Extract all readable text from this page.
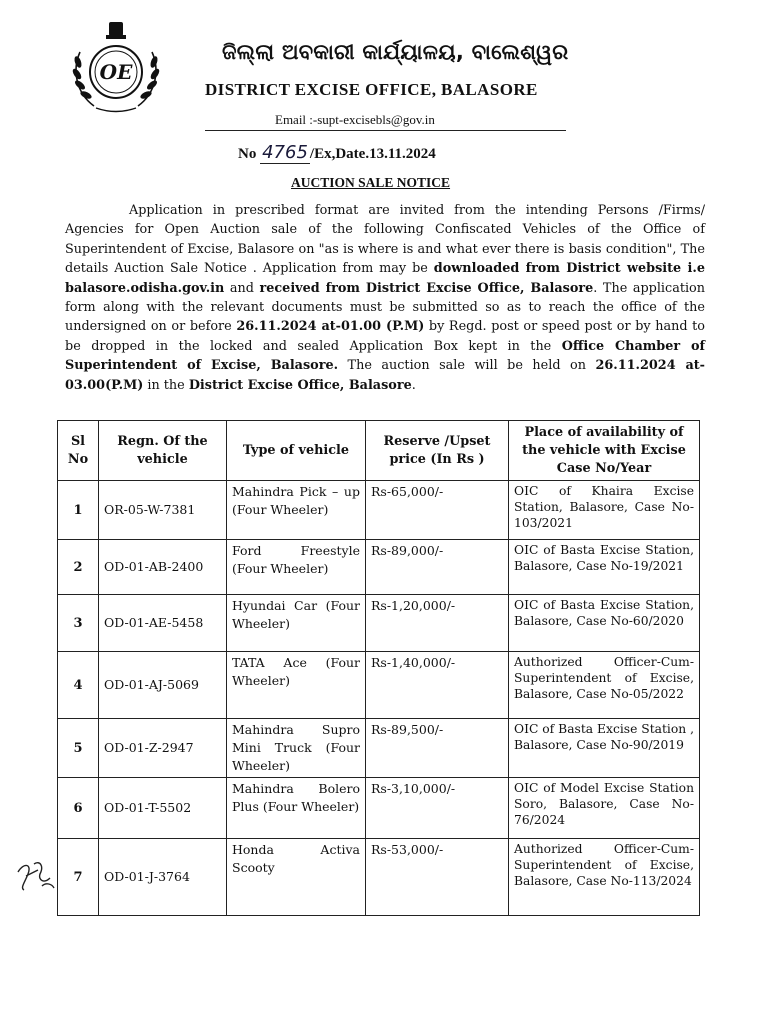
OE
ଜିଲ୍ଲା ଅବକାରୀ କାର୍ଯ୍ୟାଳୟ, ବାଲେଶ୍ୱର
DISTRICT EXCISE OFFICE, BALASORE
Email :-supt-excisebls@gov.in
No 4765 /Ex,Date.13.11.2024
AUCTION SALE NOTICE

Application in prescribed format are invited from the intending Persons /Firms/ Agencies for Open Auction sale of the following Confiscated Vehicles of the Office of Superintendent of Excise, Balasore on "as is where is and what ever there is basis condition", The details Auction Sale Notice . Application from may be downloaded from District website i.e balasore.odisha.gov.in and received from District Excise Office, Balasore. The application form along with the relevant documents must be submitted so as to reach the office of the undersigned on or before 26.11.2024 at-01.00 (P.M) by Regd. post or speed post or by hand to be dropped in the locked and sealed Application Box kept in the Office Chamber of Superintendent of Excise, Balasore. The auction sale will be held on 26.11.2024 at-03.00(P.M) in the District Excise Office, Balasore.

Sl No	Regn. Of the vehicle	Type of vehicle	Reserve /Upset price (In Rs )	Place of availability of the vehicle with Excise Case No/Year
1	OR-05-W-7381	Mahindra Pick – up (Four Wheeler)	Rs-65,000/-	OIC of Khaira Excise Station, Balasore, Case No-103/2021
2	OD-01-AB-2400	Ford Freestyle (Four Wheeler)	Rs-89,000/-	OIC of Basta Excise Station, Balasore, Case No-19/2021
3	OD-01-AE-5458	Hyundai Car (Four Wheeler)	Rs-1,20,000/-	OIC of Basta Excise Station, Balasore, Case No-60/2020
4	OD-01-AJ-5069	TATA Ace (Four Wheeler)	Rs-1,40,000/-	Authorized Officer-Cum-Superintendent of Excise, Balasore, Case No-05/2022
5	OD-01-Z-2947	Mahindra Supro Mini Truck (Four Wheeler)	Rs-89,500/-	OIC of Basta Excise Station , Balasore, Case No-90/2019
6	OD-01-T-5502	Mahindra Bolero Plus (Four Wheeler)	Rs-3,10,000/-	OIC of Model Excise Station Soro, Balasore, Case No-76/2024
7	OD-01-J-3764	Honda Activa Scooty	Rs-53,000/-	Authorized Officer-Cum-Superintendent of Excise, Balasore, Case No-113/2024
